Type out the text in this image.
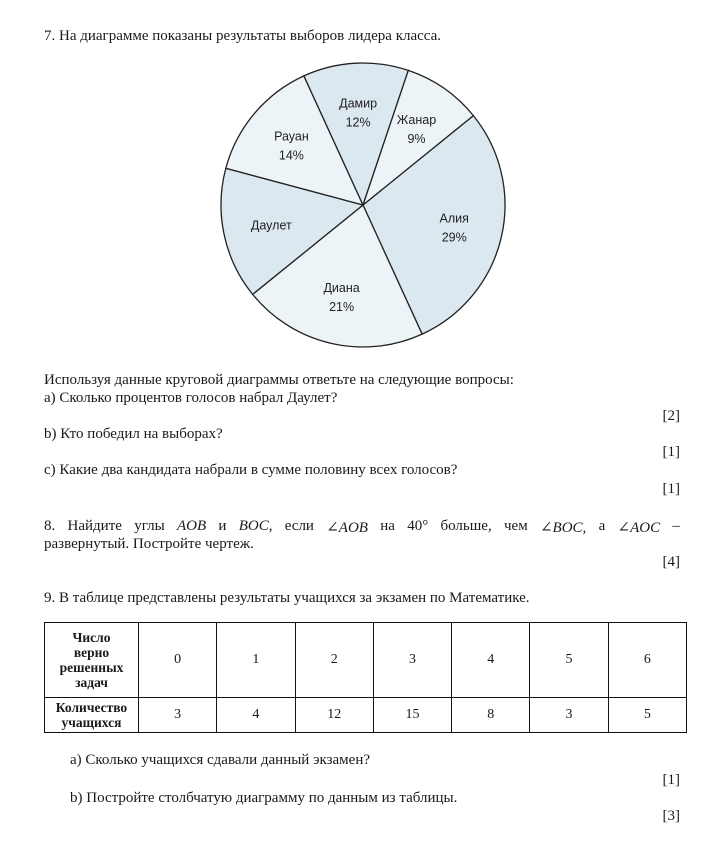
7. На диаграмме показаны результаты выборов лидера класса.
Алия
29%
Диана
21%
Даулет
Рауан
14%
Дамир
12% Жанар
9%
Используя данные круговой диаграммы ответьте на следующие вопросы:
a) Сколько процентов голосов набрал Даулет?
[2]
b) Кто победил на выборах?
[1]
c) Какие два кандидата набрали в сумме половину всех голосов?
[1]
8. Найдите углы AOB и BOC, если ∠AOB на 40° больше, чем ∠BOC, а ∠AOC –
развернутый. Постройте чертеж.
[4]
9. В таблице представлены результаты учащихся за экзамен по Математике.
Число
верно
решенных
задач	0	1	2	3	4	5	6

Количество
учащихся	3	4	12	15	8	3	5
a) Сколько учащихся сдавали данный экзамен?
[1]
b) Постройте столбчатую диаграмму по данным из таблицы.
[3]
